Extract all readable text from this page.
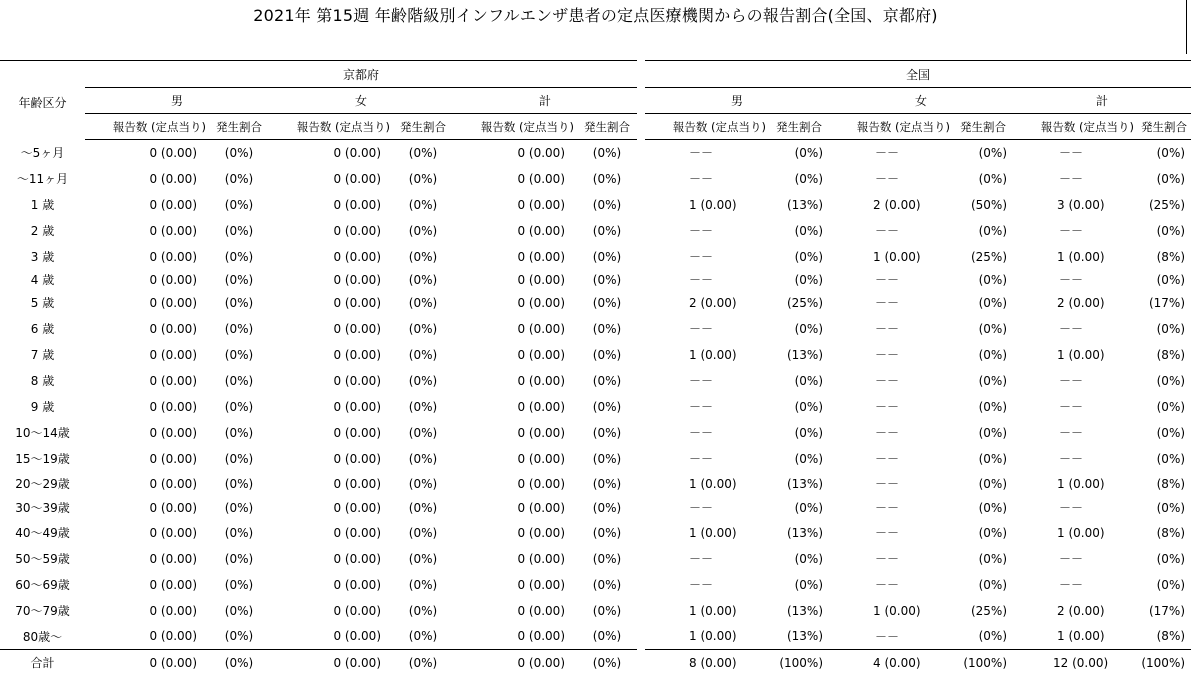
2021年 第15週 年齢階級別インフルエンザ患者の定点医療機関からの報告割合(全国、京都府)
	京都府							全国					
年齢区分	男		女		計			男		女		計	
	報告数 (定点当り)	発生割合	報告数 (定点当り)	発生割合	報告数 (定点当り)	発生割合		報告数 (定点当り)	発生割合	報告数 (定点当り)	発生割合	報告数 (定点当り)	発生割合
～5ヶ月	0 (0.00)	(0%)	0 (0.00)	(0%)	0 (0.00)	(0%)		－－	(0%)	－－	(0%)	－－	(0%)
～11ヶ月	0 (0.00)	(0%)	0 (0.00)	(0%)	0 (0.00)	(0%)		－－	(0%)	－－	(0%)	－－	(0%)
1 歳	0 (0.00)	(0%)	0 (0.00)	(0%)	0 (0.00)	(0%)		1 (0.00)	(13%)	2 (0.00)	(50%)	3 (0.00)	(25%)
2 歳	0 (0.00)	(0%)	0 (0.00)	(0%)	0 (0.00)	(0%)		－－	(0%)	－－	(0%)	－－	(0%)
3 歳	0 (0.00)	(0%)	0 (0.00)	(0%)	0 (0.00)	(0%)		－－	(0%)	1 (0.00)	(25%)	1 (0.00)	(8%)
4 歳	0 (0.00)	(0%)	0 (0.00)	(0%)	0 (0.00)	(0%)		－－	(0%)	－－	(0%)	－－	(0%)
5 歳	0 (0.00)	(0%)	0 (0.00)	(0%)	0 (0.00)	(0%)		2 (0.00)	(25%)	－－	(0%)	2 (0.00)	(17%)
6 歳	0 (0.00)	(0%)	0 (0.00)	(0%)	0 (0.00)	(0%)		－－	(0%)	－－	(0%)	－－	(0%)
7 歳	0 (0.00)	(0%)	0 (0.00)	(0%)	0 (0.00)	(0%)		1 (0.00)	(13%)	－－	(0%)	1 (0.00)	(8%)
8 歳	0 (0.00)	(0%)	0 (0.00)	(0%)	0 (0.00)	(0%)		－－	(0%)	－－	(0%)	－－	(0%)
9 歳	0 (0.00)	(0%)	0 (0.00)	(0%)	0 (0.00)	(0%)		－－	(0%)	－－	(0%)	－－	(0%)
10～14歳	0 (0.00)	(0%)	0 (0.00)	(0%)	0 (0.00)	(0%)		－－	(0%)	－－	(0%)	－－	(0%)
15～19歳	0 (0.00)	(0%)	0 (0.00)	(0%)	0 (0.00)	(0%)		－－	(0%)	－－	(0%)	－－	(0%)
20～29歳	0 (0.00)	(0%)	0 (0.00)	(0%)	0 (0.00)	(0%)		1 (0.00)	(13%)	－－	(0%)	1 (0.00)	(8%)
30～39歳	0 (0.00)	(0%)	0 (0.00)	(0%)	0 (0.00)	(0%)		－－	(0%)	－－	(0%)	－－	(0%)
40～49歳	0 (0.00)	(0%)	0 (0.00)	(0%)	0 (0.00)	(0%)		1 (0.00)	(13%)	－－	(0%)	1 (0.00)	(8%)
50～59歳	0 (0.00)	(0%)	0 (0.00)	(0%)	0 (0.00)	(0%)		－－	(0%)	－－	(0%)	－－	(0%)
60～69歳	0 (0.00)	(0%)	0 (0.00)	(0%)	0 (0.00)	(0%)		－－	(0%)	－－	(0%)	－－	(0%)
70～79歳	0 (0.00)	(0%)	0 (0.00)	(0%)	0 (0.00)	(0%)		1 (0.00)	(13%)	1 (0.00)	(25%)	2 (0.00)	(17%)
80歳～	0 (0.00)	(0%)	0 (0.00)	(0%)	0 (0.00)	(0%)		1 (0.00)	(13%)	－－	(0%)	1 (0.00)	(8%)
合計	0 (0.00)	(0%)	0 (0.00)	(0%)	0 (0.00)	(0%)		8 (0.00)	(100%)	4 (0.00)	(100%)	12 (0.00)	(100%)
